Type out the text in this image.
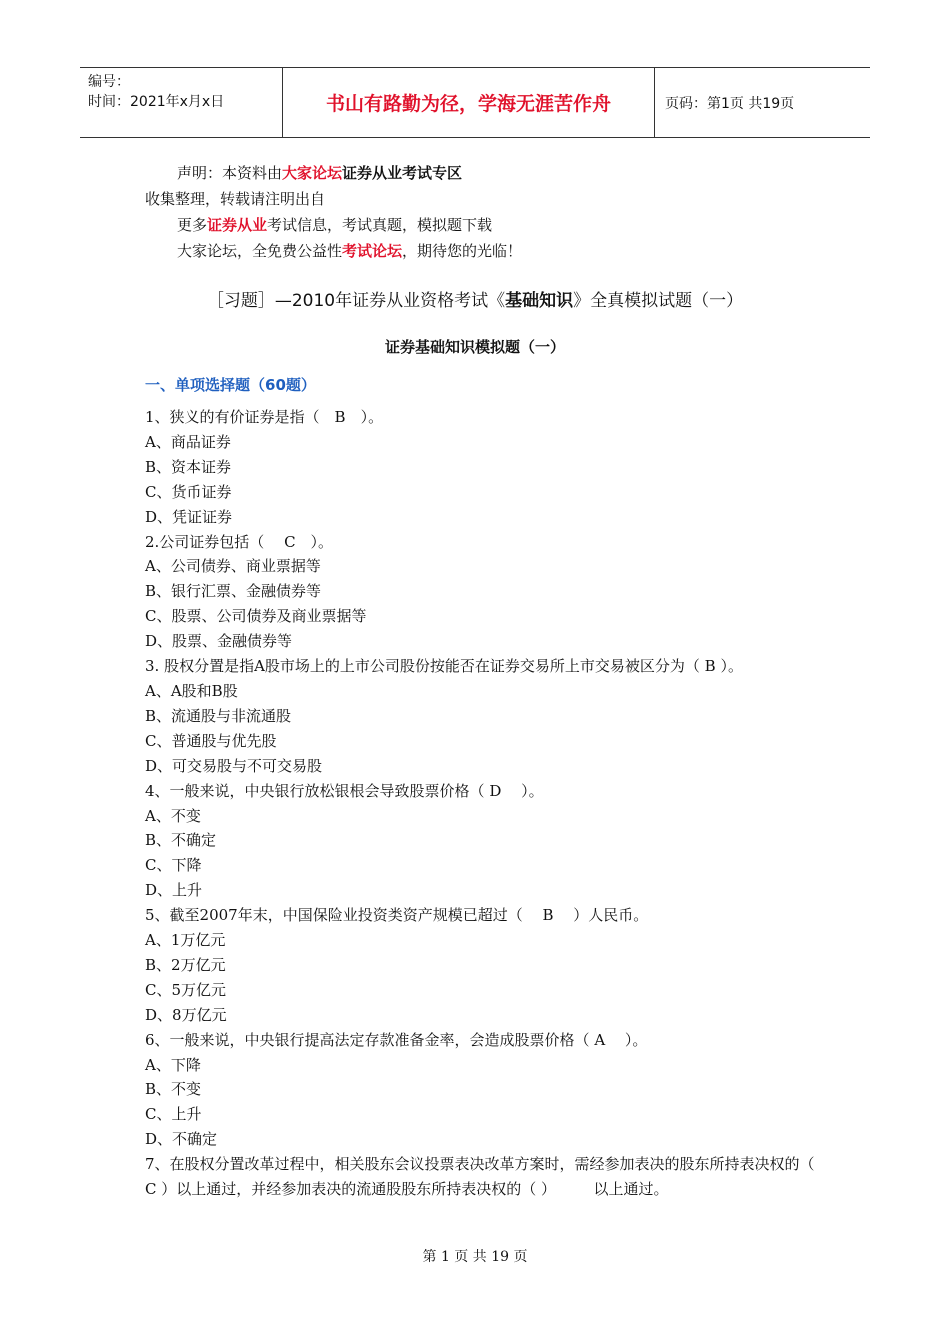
编号：
时间：2021年x月x日	书山有路勤为径，学海无涯苦作舟	页码：第1页 共19页
声明：本资料由大家论坛证券从业考试专区
收集整理，转载请注明出自
更多证券从业考试信息，考试真题，模拟题下载
大家论坛，全免费公益性考试论坛，期待您的光临！
［习题］—2010年证券从业资格考试《基础知识》全真模拟试题（一）
证券基础知识模拟题（一）
一、单项选择题（60题）
1、狭义的有价证券是指（　B　）。
A、商品证券
B、资本证券
C、货币证券
D、凭证证券
2.公司证券包括（　 C　）。
A、公司债券、商业票据等
B、银行汇票、金融债券等
C、股票、公司债券及商业票据等
D、股票、金融债券等
3. 股权分置是指A股市场上的上市公司股份按能否在证券交易所上市交易被区分为（ B ）。
A、A股和B股
B、流通股与非流通股
C、普通股与优先股
D、可交易股与不可交易股
4、一般来说，中央银行放松银根会导致股票价格（ D　 ）。
A、不变
B、不确定
C、下降
D、上升
5、截至2007年末，中国保险业投资类资产规模已超过（　 B　 ）人民币。
A、1万亿元
B、2万亿元
C、5万亿元
D、8万亿元
6、一般来说，中央银行提高法定存款准备金率，会造成股票价格（ A　 ）。
A、下降
B、不变
C、上升
D、不确定
7、在股权分置改革过程中，相关股东会议投票表决改革方案时，需经参加表决的股东所持表决权的（ C ）以上通过，并经参加表决的流通股股东所持表决权的（ ）　　　以上通过。
第 1 页 共 19 页
